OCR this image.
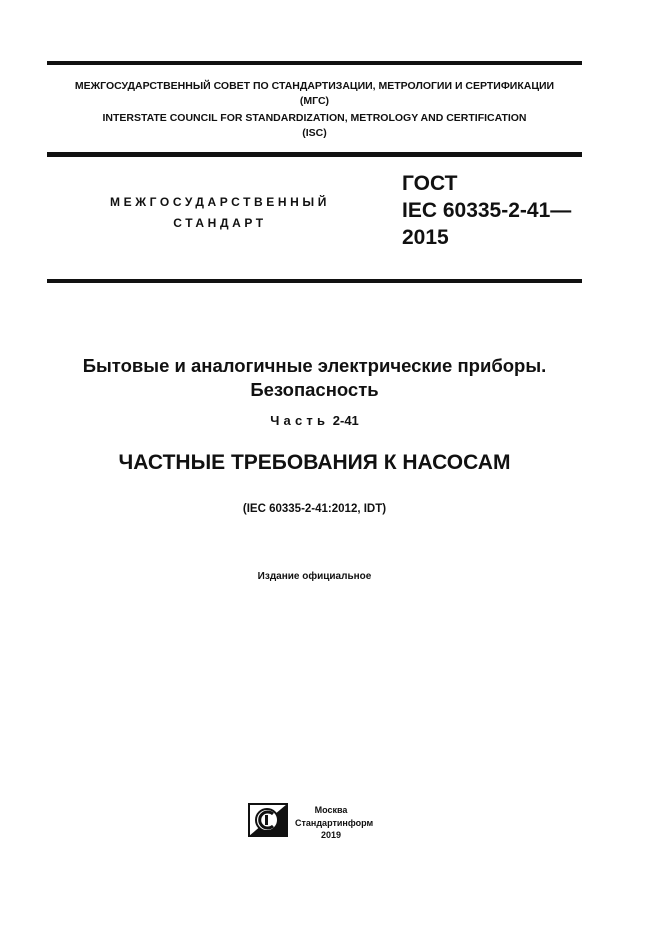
МЕЖГОСУДАРСТВЕННЫЙ СОВЕТ ПО СТАНДАРТИЗАЦИИ, МЕТРОЛОГИИ И СЕРТИФИКАЦИИ
(МГС)
INTERSTATE COUNCIL FOR STANDARDIZATION, METROLOGY AND CERTIFICATION
(ISC)
МЕЖГОСУДАРСТВЕННЫЙ
СТАНДАРТ
ГОСТ
IEC 60335-2-41—
2015
Бытовые и аналогичные электрические приборы.
Безопасность
Часть 2-41
ЧАСТНЫЕ ТРЕБОВАНИЯ К НАСОСАМ
(IEC 60335-2-41:2012, IDT)
Издание официальное
Москва
Стандартинформ
2019
